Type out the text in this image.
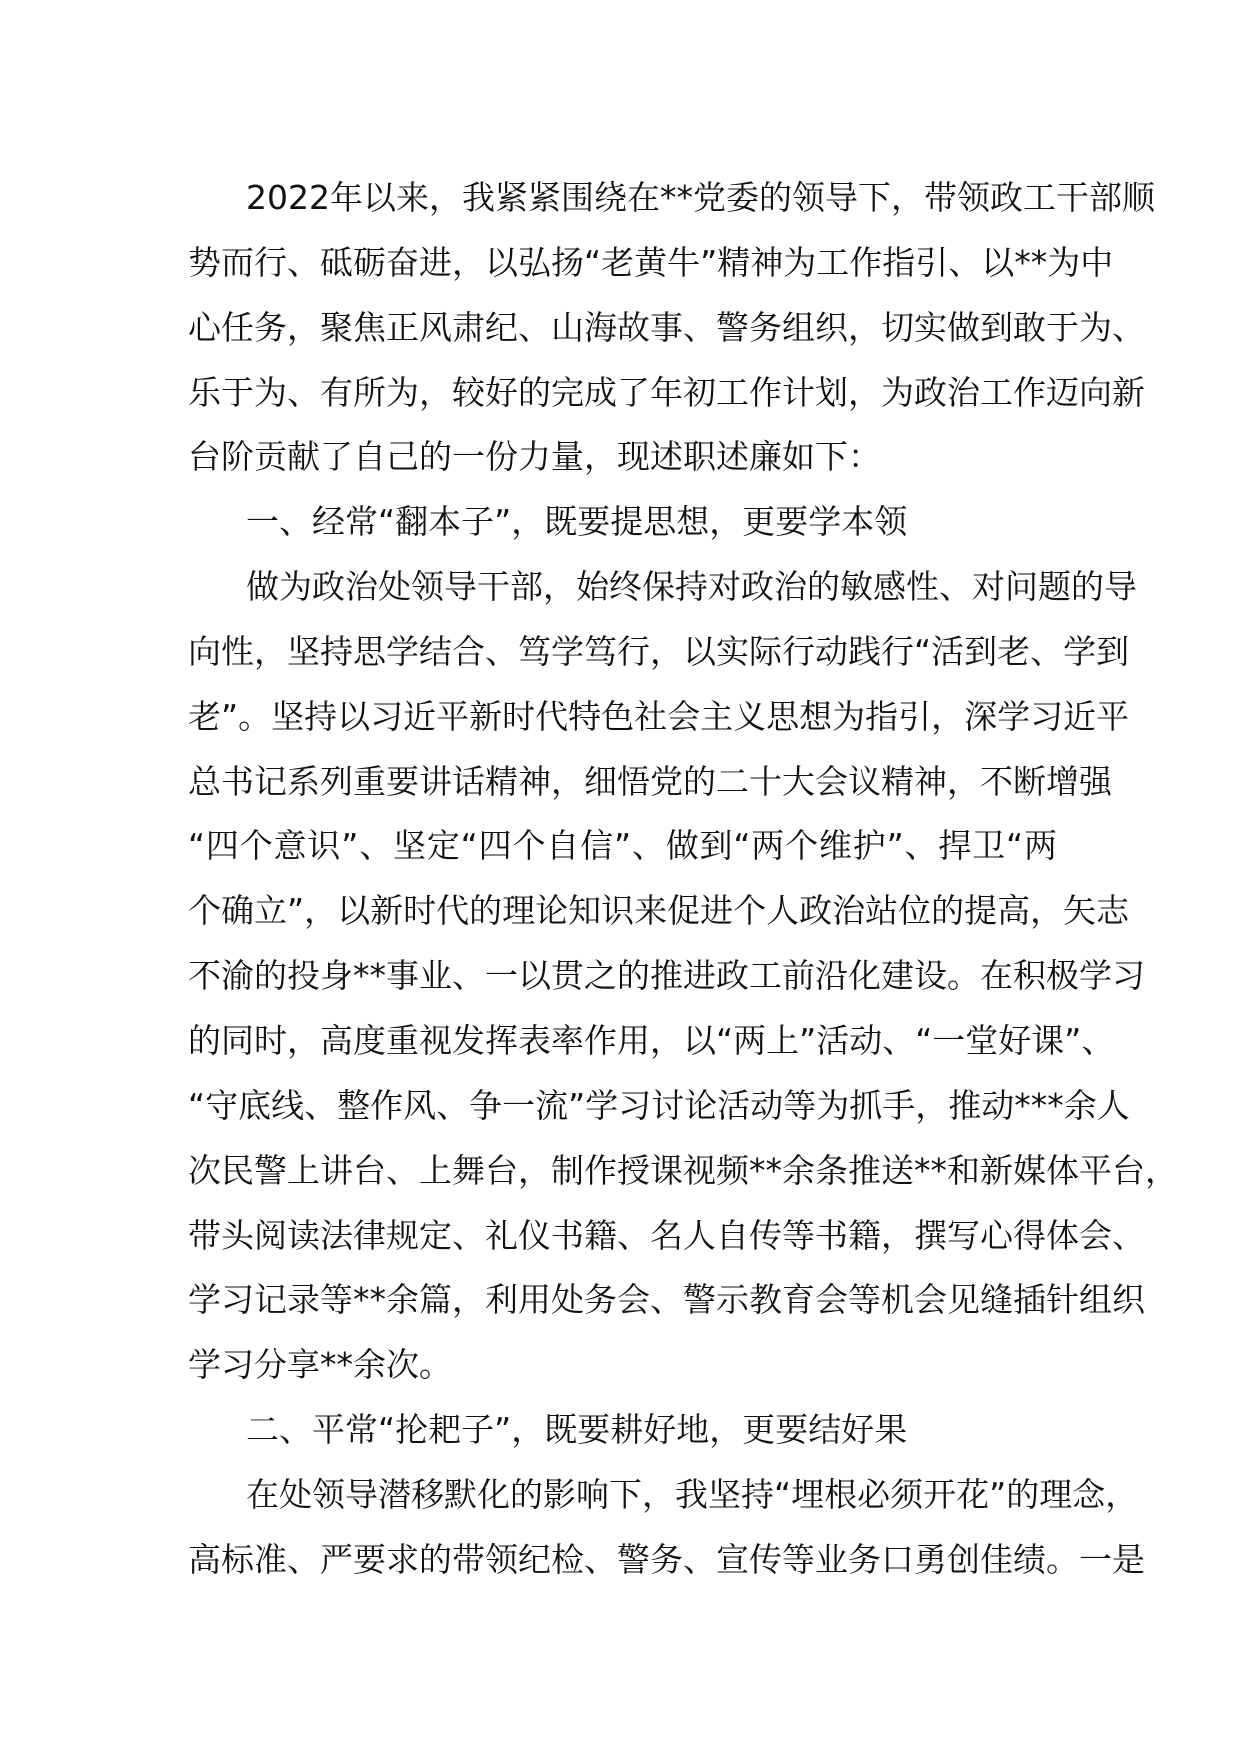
2022年以来，我紧紧围绕在**党委的领导下，带领政工干部顺
势而行、砥砺奋进，以弘扬“老黄牛”精神为工作指引、以**为中
心任务，聚焦正风肃纪、山海故事、警务组织，切实做到敢于为、
乐于为、有所为，较好的完成了年初工作计划，为政治工作迈向新
台阶贡献了自己的一份力量，现述职述廉如下：
一、经常“翻本子”，既要提思想，更要学本领
做为政治处领导干部，始终保持对政治的敏感性、对问题的导
向性，坚持思学结合、笃学笃行，以实际行动践行“活到老、学到
老”。坚持以习近平新时代特色社会主义思想为指引，深学习近平
总书记系列重要讲话精神，细悟党的二十大会议精神，不断增强
“四个意识”、坚定“四个自信”、做到“两个维护”、捍卫“两
个确立”，以新时代的理论知识来促进个人政治站位的提高，矢志
不渝的投身**事业、一以贯之的推进政工前沿化建设。在积极学习
的同时，高度重视发挥表率作用，以“两上”活动、“一堂好课”、
“守底线、整作风、争一流”学习讨论活动等为抓手，推动***余人
次民警上讲台、上舞台，制作授课视频**余条推送**和新媒体平台，
带头阅读法律规定、礼仪书籍、名人自传等书籍，撰写心得体会、
学习记录等**余篇，利用处务会、警示教育会等机会见缝插针组织
学习分享**余次。
二、平常“抡耙子”，既要耕好地，更要结好果
在处领导潜移默化的影响下，我坚持“埋根必须开花”的理念，
高标准、严要求的带领纪检、警务、宣传等业务口勇创佳绩。一是
